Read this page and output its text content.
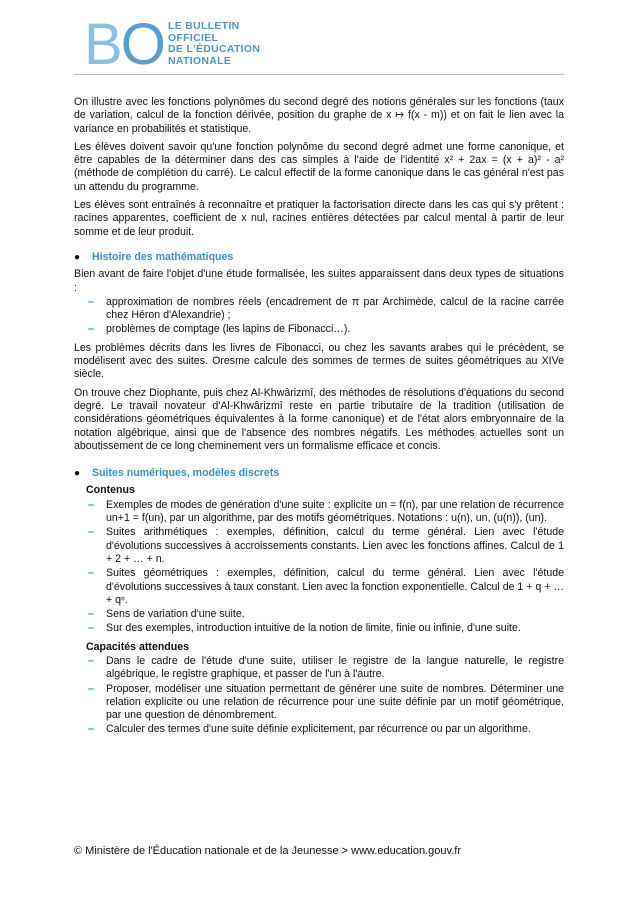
BO LE BULLETIN
OFFICIEL
DE L'ÉDUCATION
NATIONALE

On illustre avec les fonctions polynômes du second degré des notions générales sur les fonctions (taux de variation, calcul de la fonction dérivée, position du graphe de x ↦ f(x - m)) et on fait le lien avec la variance en probabilités et statistique.

Les élèves doivent savoir qu'une fonction polynôme du second degré admet une forme canonique, et être capables de la déterminer dans des cas simples à l'aide de l'identité x² + 2ax = (x + a)² - a² (méthode de complétion du carré). Le calcul effectif de la forme canonique dans le cas général n'est pas un attendu du programme.

Les élèves sont entraînés à reconnaître et pratiquer la factorisation directe dans les cas qui s'y prêtent : racines apparentes, coefficient de x nul, racines entières détectées par calcul mental à partir de leur somme et de leur produit.

●	Histoire des mathématiques

Bien avant de faire l'objet d'une étude formalisée, les suites apparaissent dans deux types de situations :

– approximation de nombres réels (encadrement de π par Archimède, calcul de la racine carrée chez Héron d'Alexandrie) ;
– problèmes de comptage (les lapins de Fibonacci…).

Les problèmes décrits dans les livres de Fibonacci, ou chez les savants arabes qui le précèdent, se modélisent avec des suites. Oresme calcule des sommes de termes de suites géométriques au XIVe siècle.

On trouve chez Diophante, puis chez Al-Khwârizmî, des méthodes de résolutions d'équations du second degré. Le travail novateur d'Al-Khwârizmî reste en partie tributaire de la tradition (utilisation de considérations géométriques équivalentes à la forme canonique) et de l'état alors embryonnaire de la notation algébrique, ainsi que de l'absence des nombres négatifs. Les méthodes actuelles sont un aboutissement de ce long cheminement vers un formalisme efficace et concis.

●	Suites numériques, modèles discrets
Contenus
– Exemples de modes de génération d'une suite : explicite un = f(n), par une relation de récurrence un+1 = f(un), par un algorithme, par des motifs géométriques. Notations : u(n), un, (u(n)), (un).
– Suites arithmétiques : exemples, définition, calcul du terme général. Lien avec l'étude d'évolutions successives à accroissements constants. Lien avec les fonctions affines. Calcul de 1 + 2 + … + n.
– Suites géométriques : exemples, définition, calcul du terme général. Lien avec l'étude d'évolutions successives à taux constant. Lien avec la fonction exponentielle. Calcul de 1 + q + … + qⁿ.
– Sens de variation d'une suite.
– Sur des exemples, introduction intuitive de la notion de limite, finie ou infinie, d'une suite.
Capacités attendues
– Dans le cadre de l'étude d'une suite, utiliser le registre de la langue naturelle, le registre algébrique, le registre graphique, et passer de l'un à l'autre.
– Proposer, modéliser une situation permettant de générer une suite de nombres. Déterminer une relation explicite ou une relation de récurrence pour une suite définie par un motif géométrique, par une question de dénombrement.
– Calculer des termes d'une suite définie explicitement, par récurrence ou par un algorithme.
© Ministère de l'Éducation nationale et de la Jeunesse > www.education.gouv.fr
